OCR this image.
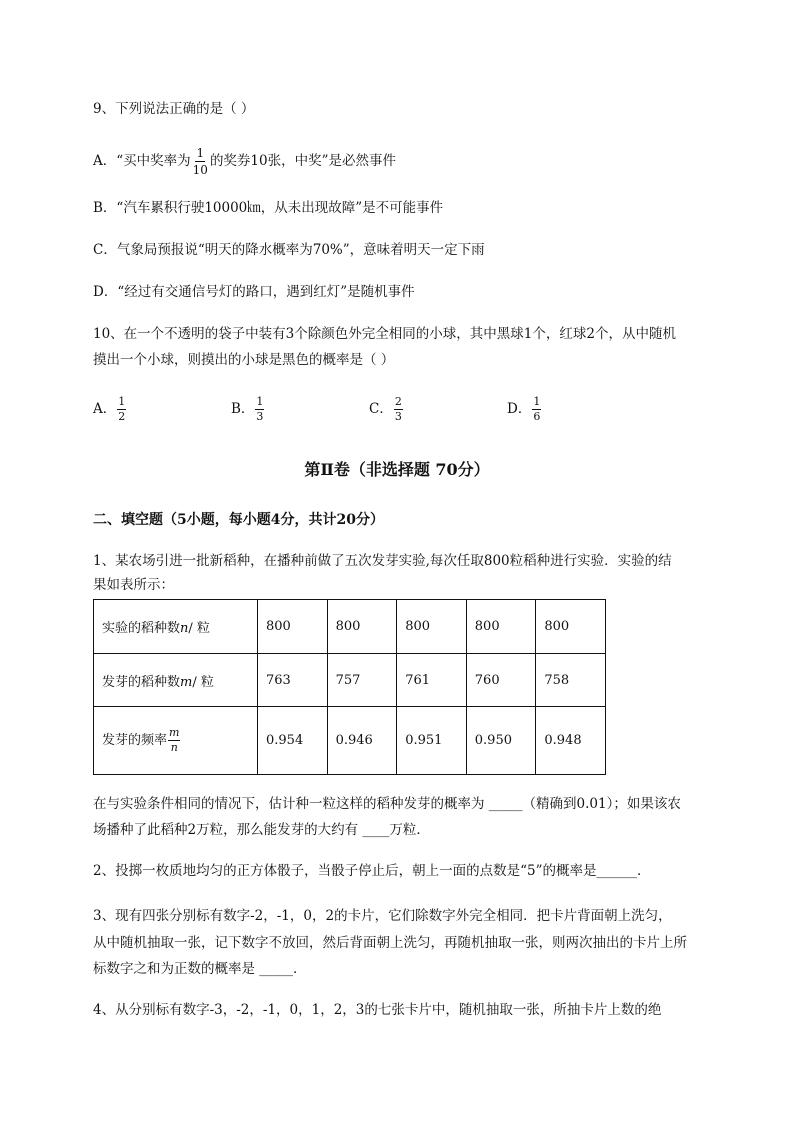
9、下列说法正确的是（ ）
A．“买中奖率为 $\frac{1}{10}$ 的奖券10张，中奖”是必然事件
B．“汽车累积行驶10000㎞，从未出现故障”是不可能事件
C．气象局预报说“明天的降水概率为70%”，意味着明天一定下雨
D．“经过有交通信号灯的路口，遇到红灯”是随机事件
10、在一个不透明的袋子中装有3个除颜色外完全相同的小球，其中黑球1个，红球2个，从中随机
摸出一个小球，则摸出的小球是黑色的概率是（ ）
A． $\frac{1}{2}$	B． $\frac{1}{3}$	C． $\frac{2}{3}$	D． $\frac{1}{6}$
第Ⅱ卷（非选择题 70分）
二、填空题（5小题，每小题4分，共计20分）
1、某农场引进一批新稻种，在播种前做了五次发芽实验,每次任取800粒稻种进行实验．实验的结
果如表所示：
实验的稻种数n/ 粒	800	800	800	800	800
发芽的稻种数m/ 粒	763	757	761	760	758
发芽的频率 $\frac{m}{n}$	0.954	0.946	0.951	0.950	0.948
在与实验条件相同的情况下，估计种一粒这样的稻种发芽的概率为 _____（精确到0.01）；如果该农
场播种了此稻种2万粒，那么能发芽的大约有 ____万粒．
2、投掷一枚质地均匀的正方体骰子，当骰子停止后，朝上一面的点数是“5”的概率是______．
3、现有四张分别标有数字-2，-1，0，2的卡片，它们除数字外完全相同．把卡片背面朝上洗匀，
从中随机抽取一张，记下数字不放回，然后背面朝上洗匀，再随机抽取一张，则两次抽出的卡片上所
标数字之和为正数的概率是 _____．
4、从分别标有数字-3，-2，-1，0，1，2，3的七张卡片中，随机抽取一张，所抽卡片上数的绝
